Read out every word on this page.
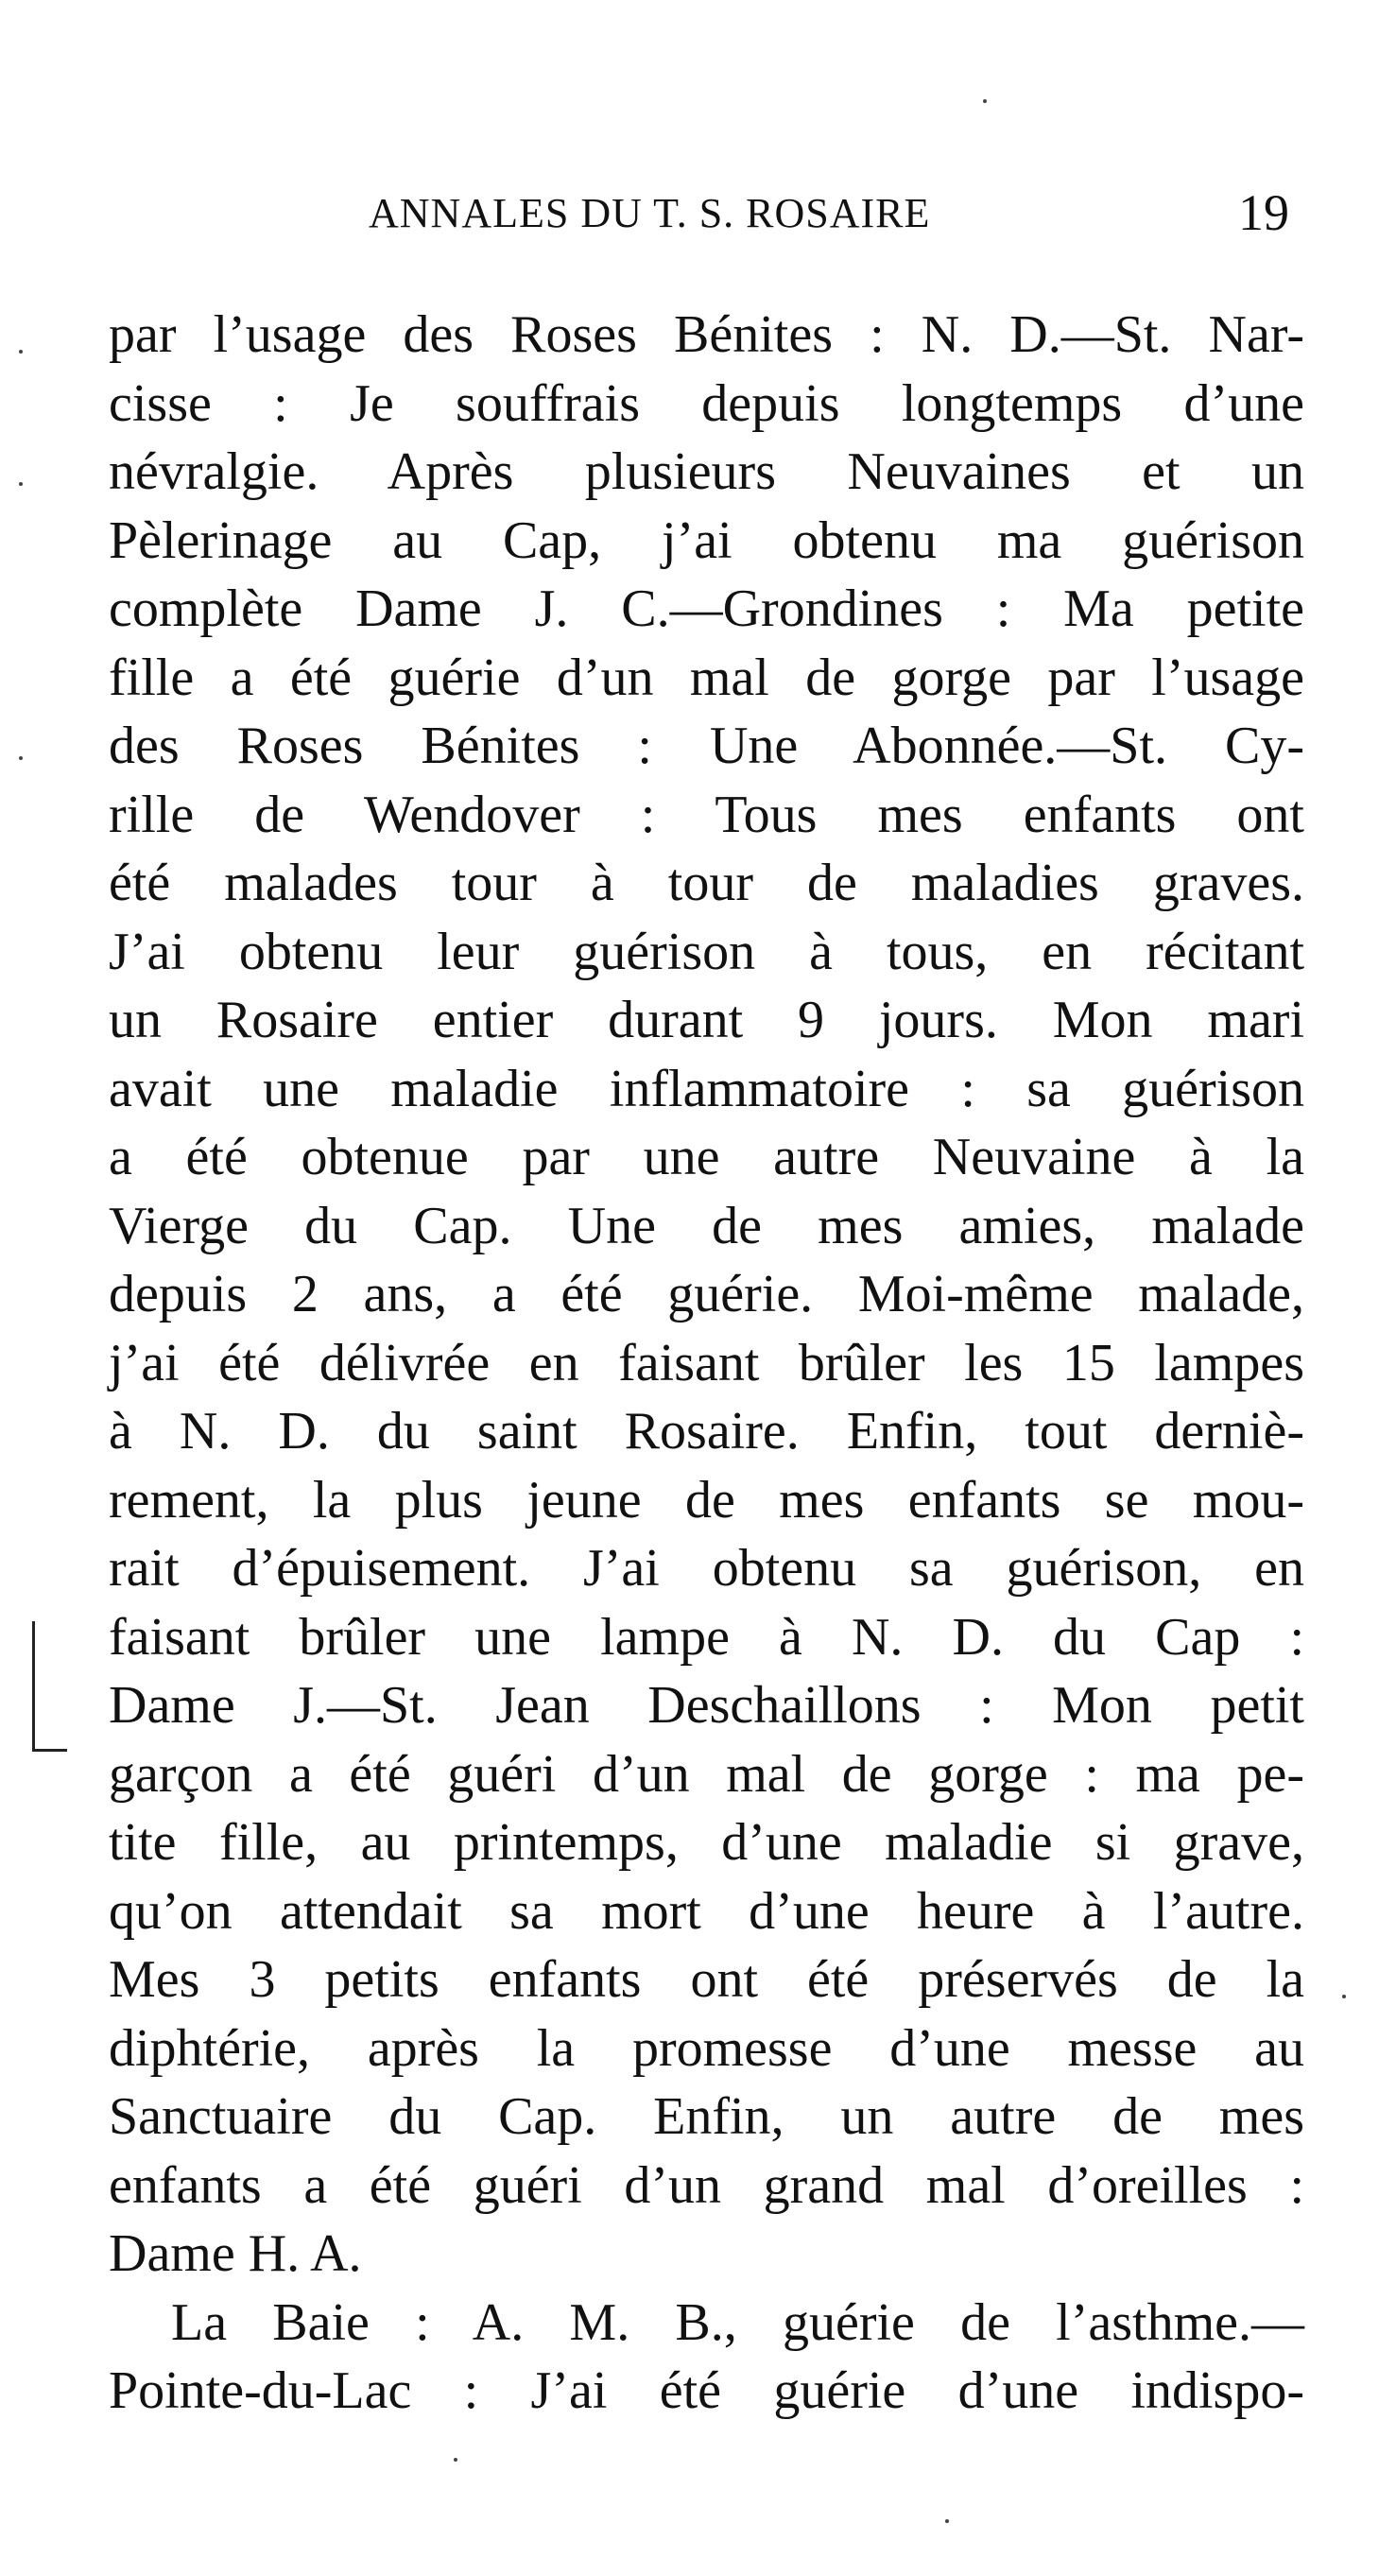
ANNALES DU T. S. ROSAIRE	19
par l’usage des Roses Bénites : N. D.—St. Nar-
cisse : Je souffrais depuis longtemps d’une
névralgie. Après plusieurs Neuvaines et un
Pèlerinage au Cap, j’ai obtenu ma guérison
complète Dame J. C.—Grondines : Ma petite
fille a été guérie d’un mal de gorge par l’usage
des Roses Bénites : Une Abonnée.—St. Cy-
rille de Wendover : Tous mes enfants ont
été malades tour à tour de maladies graves.
J’ai obtenu leur guérison à tous, en récitant
un Rosaire entier durant 9 jours. Mon mari
avait une maladie inflammatoire : sa guérison
a été obtenue par une autre Neuvaine à la
Vierge du Cap. Une de mes amies, malade
depuis 2 ans, a été guérie. Moi-même malade,
j’ai été délivrée en faisant brûler les 15 lampes
à N. D. du saint Rosaire. Enfin, tout derniè-
rement, la plus jeune de mes enfants se mou-
rait d’épuisement. J’ai obtenu sa guérison, en
faisant brûler une lampe à N. D. du Cap :
Dame J.—St. Jean Deschaillons : Mon petit
garçon a été guéri d’un mal de gorge : ma pe-
tite fille, au printemps, d’une maladie si grave,
qu’on attendait sa mort d’une heure à l’autre.
Mes 3 petits enfants ont été préservés de la
diphtérie, après la promesse d’une messe au
Sanctuaire du Cap. Enfin, un autre de mes
enfants a été guéri d’un grand mal d’oreilles :
Dame H. A.
La Baie : A. M. B., guérie de l’asthme.—
Pointe-du-Lac : J’ai été guérie d’une indispo-
